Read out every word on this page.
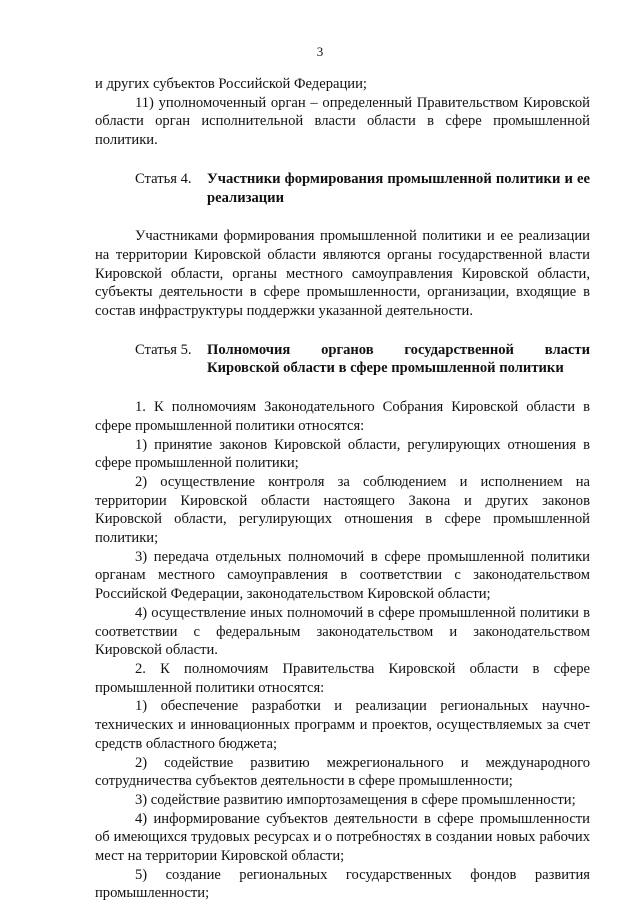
3

и других субъектов Российской Федерации;

11) уполномоченный орган – определенный Правительством Кировской области орган исполнительной власти области в сфере промышленной политики.

Статья 4.	Участники формирования промышленной политики и ее реализации

Участниками формирования промышленной политики и ее реализации на территории Кировской области являются органы государственной власти Кировской области, органы местного самоуправления Кировской области, субъекты деятельности в сфере промышленности, организации, входящие в состав инфраструктуры поддержки указанной деятельности.

Статья 5.	Полномочия органов государственной власти
Кировской области в сфере промышленной политики

1. К полномочиям Законодательного Собрания Кировской области в сфере промышленной политики относятся:

1) принятие законов Кировской области, регулирующих отношения в сфере промышленной политики;

2) осуществление контроля за соблюдением и исполнением на территории Кировской области настоящего Закона и других законов Кировской области, регулирующих отношения в сфере промышленной политики;

3) передача отдельных полномочий в сфере промышленной политики органам местного самоуправления в соответствии с законодательством Российской Федерации, законодательством Кировской области;

4) осуществление иных полномочий в сфере промышленной политики в соответствии с федеральным законодательством и законодательством Кировской области.

2. К полномочиям Правительства Кировской области в сфере промышленной политики относятся:

1) обеспечение разработки и реализации региональных научно-технических и инновационных программ и проектов, осуществляемых за счет средств областного бюджета;

2) содействие развитию межрегионального и международного сотрудничества субъектов деятельности в сфере промышленности;

3) содействие развитию импортозамещения в сфере промышленности;

4) информирование субъектов деятельности в сфере промышленности об имеющихся трудовых ресурсах и о потребностях в создании новых рабочих мест на территории Кировской области;

5) создание региональных государственных фондов развития промышленности;
